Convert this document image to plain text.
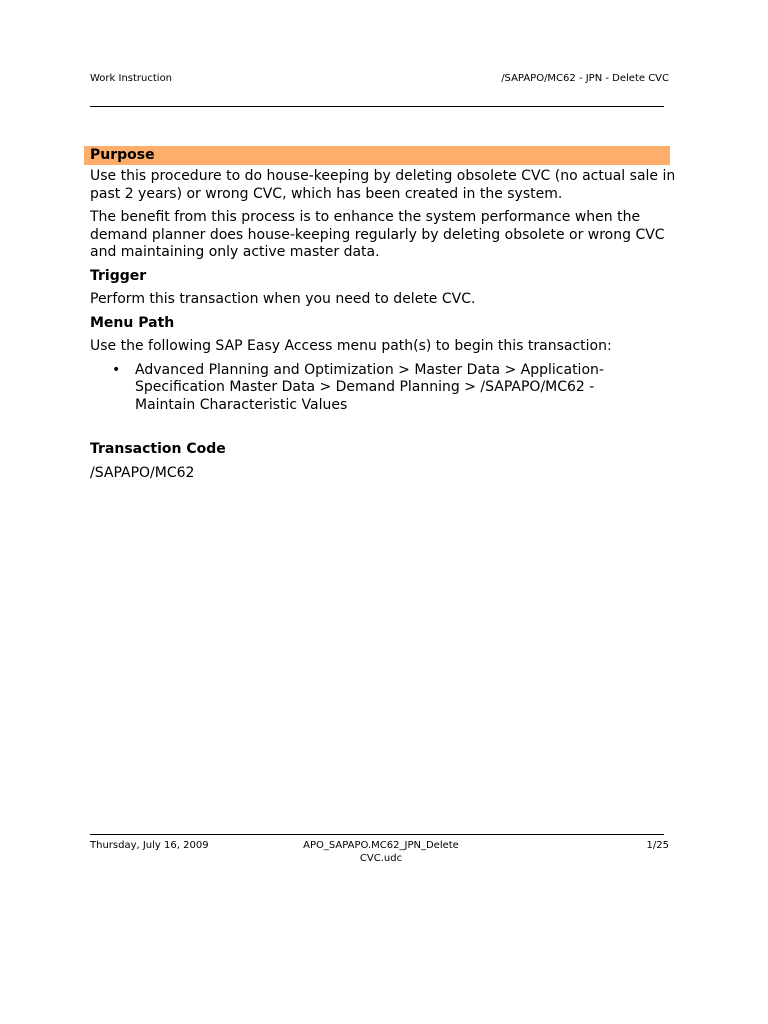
Work Instruction	/SAPAPO/MC62 - JPN - Delete CVC
Purpose

Use this procedure to do house-keeping by deleting obsolete CVC (no actual sale in past 2 years) or wrong CVC, which has been created in the system.

The benefit from this process is to enhance the system performance when the demand planner does house-keeping regularly by deleting obsolete or wrong CVC and maintaining only active master data.

Trigger

Perform this transaction when you need to delete CVC.

Menu Path

Use the following SAP Easy Access menu path(s) to begin this transaction:

• Advanced Planning and Optimization > Master Data > Application-Specification Master Data > Demand Planning > /SAPAPO/MC62 - Maintain Characteristic Values
Transaction Code

/SAPAPO/MC62

Thursday, July 16, 2009	APO_SAPAPO.MC62_JPN_Delete
CVC.udc
1/25
